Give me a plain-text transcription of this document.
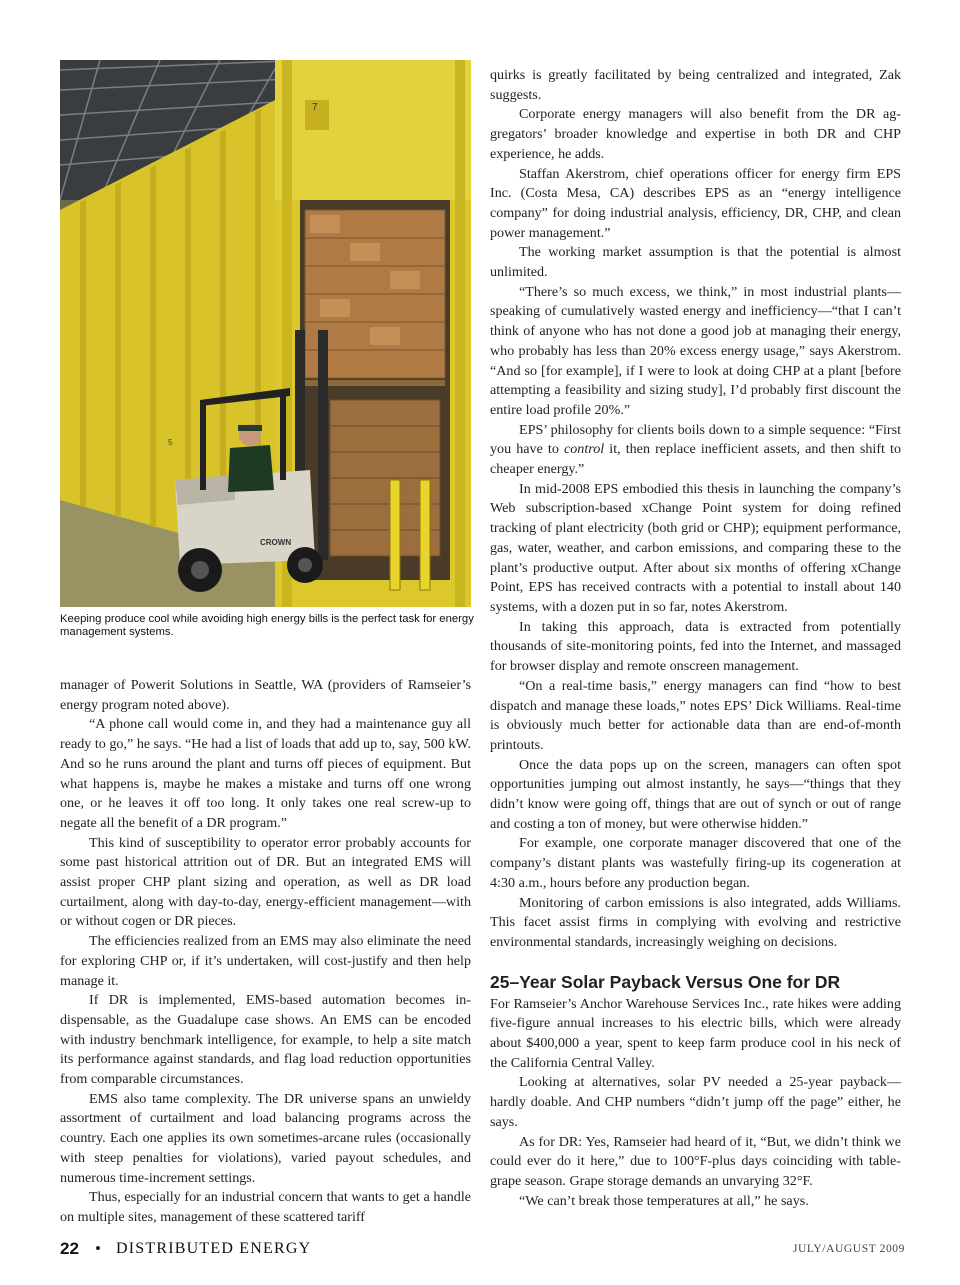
7
CROWN
5

Keeping produce cool while avoiding high energy bills is the perfect task for energy management systems.

manager of Powerit Solutions in Seattle, WA (providers of Ramseier’s energy program noted above).

“A phone call would come in, and they had a maintenance guy all ready to go,” he says. “He had a list of loads that add up to, say, 500 kW. And so he runs around the plant and turns off pieces of equipment. But what happens is, maybe he makes a mistake and turns off one wrong one, or he leaves it off too long. It only takes one real screw-up to negate all the benefit of a DR program.”

This kind of susceptibility to operator error probably accounts for some past historical attrition out of DR. But an integrated EMS will assist proper CHP plant sizing and operation, as well as DR load curtailment, along with day-to-day, energy-efficient management—with or without cogen or DR pieces.

The efficiencies realized from an EMS may also eliminate the need for exploring CHP or, if it’s undertaken, will cost-justify and then help manage it.

If DR is implemented, EMS-based automation becomes indispensable, as the Guadalupe case shows. An EMS can be encoded with industry benchmark intelligence, for example, to help a site match its performance against standards, and flag load reduction opportunities from comparable circumstances.

EMS also tame complexity. The DR universe spans an unwieldy assortment of curtailment and load balancing programs across the country. Each one applies its own sometimes-arcane rules (occasionally with steep penalties for violations), varied payout schedules, and numerous time-increment settings.

Thus, especially for an industrial concern that wants to get a handle on multiple sites, management of these scattered tariff

quirks is greatly facilitated by being centralized and integrated, Zak suggests.

Corporate energy managers will also benefit from the DR aggregators’ broader knowledge and expertise in both DR and CHP experience, he adds.

Staffan Akerstrom, chief operations officer for energy firm EPS Inc. (Costa Mesa, CA) describes EPS as an “energy intelligence company” for doing industrial analysis, efficiency, DR, CHP, and clean power management.”

The working market assumption is that the potential is almost unlimited.

“There’s so much excess, we think,” in most industrial plants—speaking of cumulatively wasted energy and inefficiency—“that I can’t think of anyone who has not done a good job at managing their energy, who probably has less than 20% excess energy usage,” says Akerstrom. “And so [for example], if I were to look at doing CHP at a plant [before attempting a feasibility and sizing study], I’d probably first discount the entire load profile 20%.”

EPS’ philosophy for clients boils down to a simple sequence: “First you have to control it, then replace inefficient assets, and then shift to cheaper energy.”

In mid-2008 EPS embodied this thesis in launching the company’s Web subscription-based xChange Point system for doing refined tracking of plant electricity (both grid or CHP); equipment performance, gas, water, weather, and carbon emissions, and comparing these to the plant’s productive output. After about six months of offering xChange Point, EPS has received contracts with a potential to install about 140 systems, with a dozen put in so far, notes Akerstrom.

In taking this approach, data is extracted from potentially thousands of site-monitoring points, fed into the Internet, and massaged for browser display and remote onscreen management.

“On a real-time basis,” energy managers can find “how to best dispatch and manage these loads,” notes EPS’ Dick Williams. Real-time is obviously much better for actionable data than are end-of-month printouts.

Once the data pops up on the screen, managers can often spot opportunities jumping out almost instantly, he says—“things that they didn’t know were going off, things that are out of synch or out of range and costing a ton of money, but were otherwise hidden.”

For example, one corporate manager discovered that one of the company’s distant plants was wastefully firing-up its cogeneration at 4:30 a.m., hours before any production began.

Monitoring of carbon emissions is also integrated, adds Williams. This facet assist firms in complying with evolving and restrictive environmental standards, increasingly weighing on decisions.

25–Year Solar Payback Versus One for DR

For Ramseier’s Anchor Warehouse Services Inc., rate hikes were adding five-figure annual increases to his electric bills, which were already about $400,000 a year, spent to keep farm produce cool in his neck of the California Central Valley.

Looking at alternatives, solar PV needed a 25-year payback—hardly doable. And CHP numbers “didn’t jump off the page” either, he says.

As for DR: Yes, Ramseier had heard of it, “But, we didn’t think we could ever do it here,” due to 100°F-plus days coinciding with table-grape season. Grape storage demands an unvarying 32°F.

“We can’t break those temperatures at all,” he says.

22 • DISTRIBUTED ENERGY	JULY/AUGUST 2009
